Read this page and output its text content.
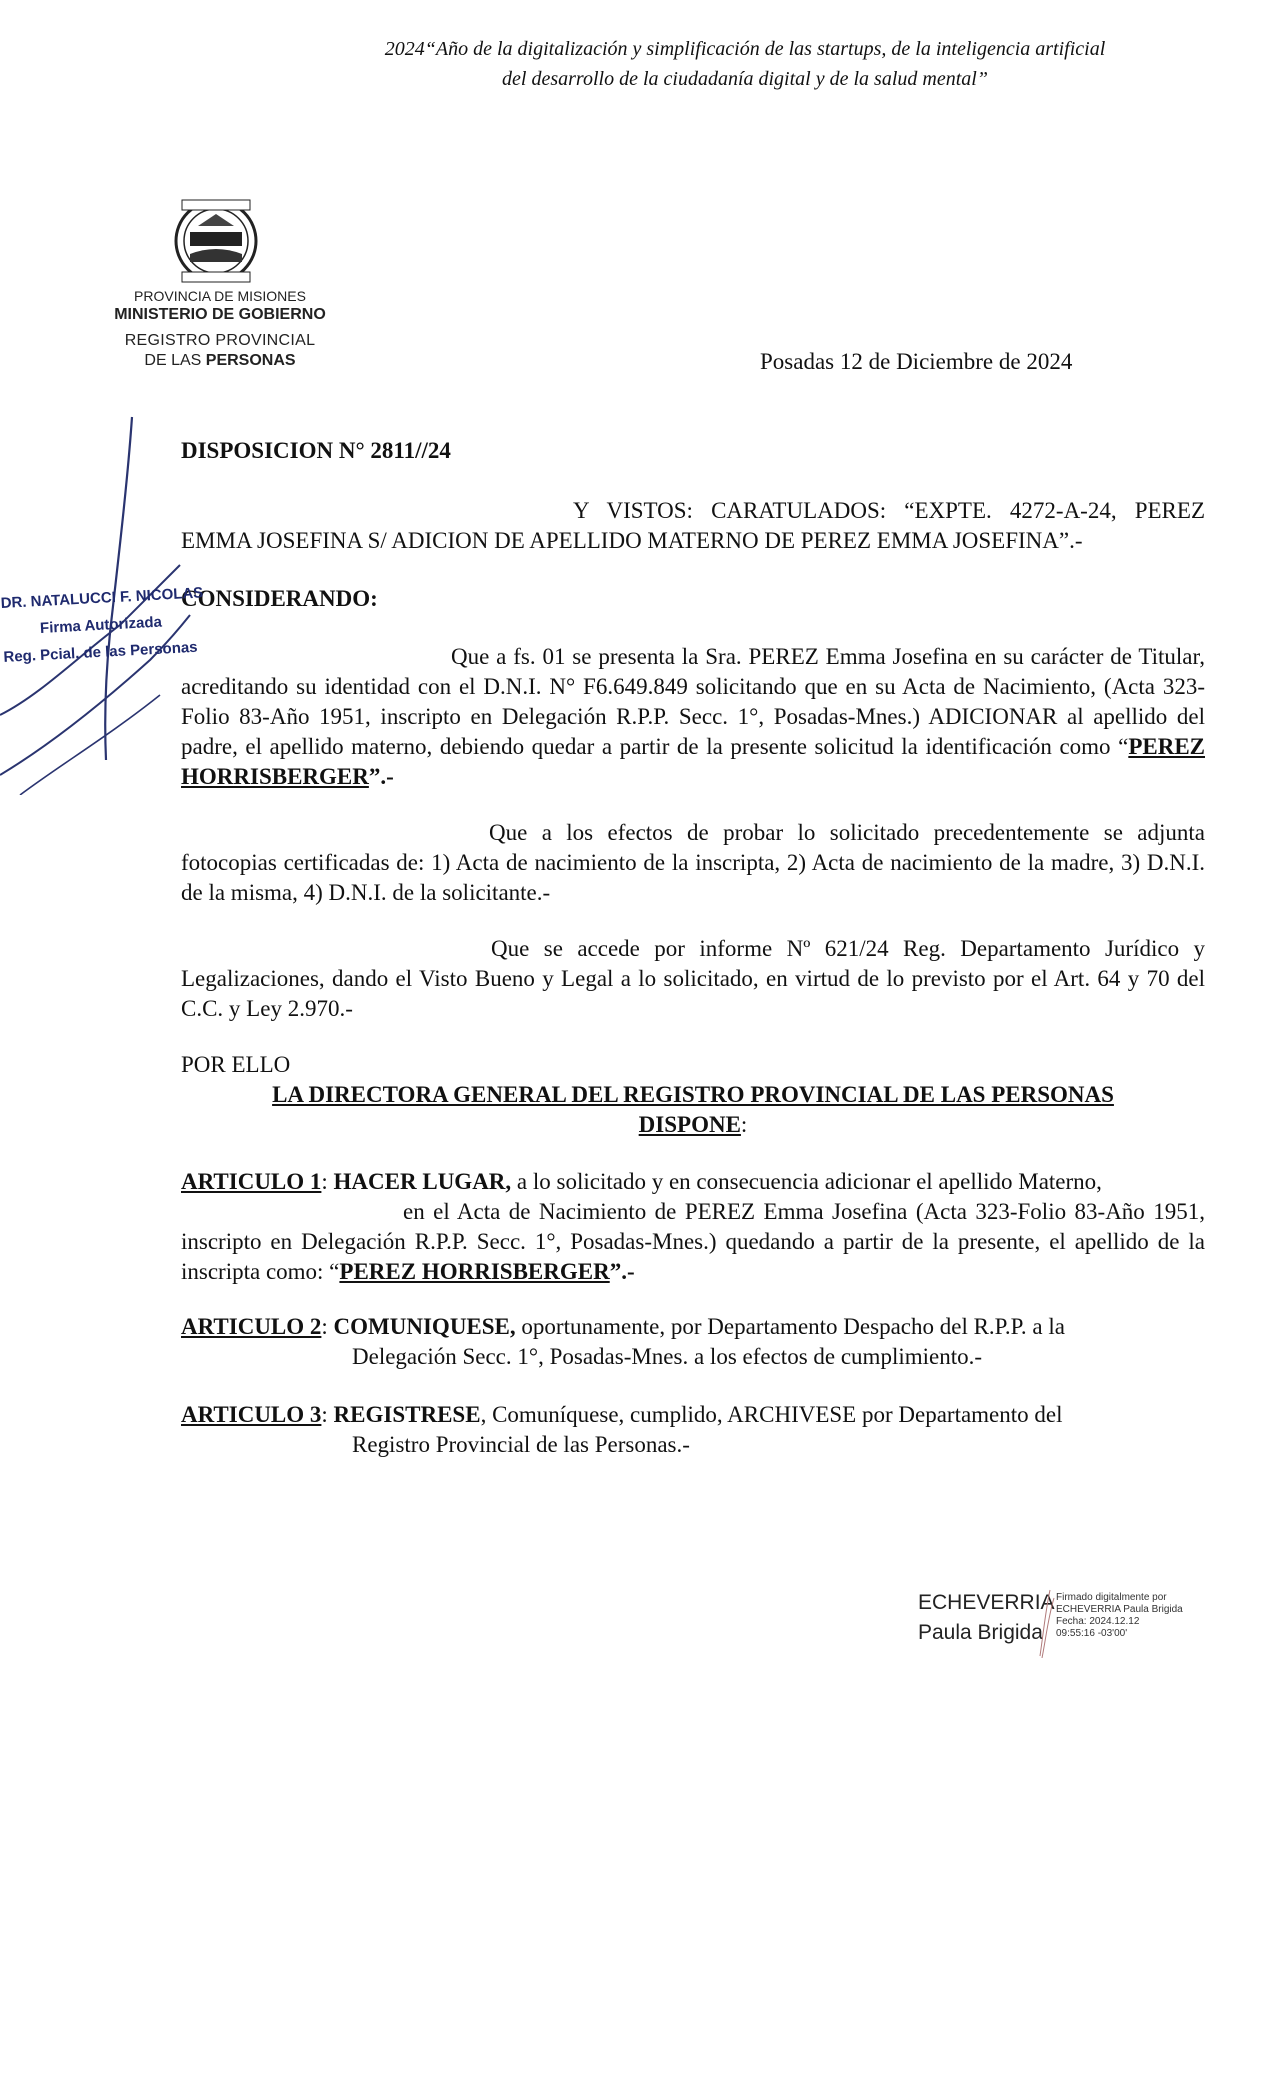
2024“Año de la digitalización y simplificación de las startups, de la inteligencia artificial
del desarrollo de la ciudadanía digital y de la salud mental”
PROVINCIA DE MISIONES
MINISTERIO DE GOBIERNO
REGISTRO PROVINCIAL
DE LAS PERSONAS	Posadas 12 de Diciembre de 2024
DISPOSICION N° 2811//24

Y VISTOS: CARATULADOS: “EXPTE. 4272-A-24, PEREZ EMMA JOSEFINA S/ ADICION DE APELLIDO MATERNO DE PEREZ EMMA JOSEFINA”.-

CONSIDERANDO:

Que a fs. 01 se presenta la Sra. PEREZ Emma Josefina en su carácter de Titular, acreditando su identidad con el D.N.I. N° F6.649.849 solicitando que en su Acta de Nacimiento, (Acta 323-Folio 83-Año 1951, inscripto en Delegación R.P.P. Secc. 1°, Posadas-Mnes.) ADICIONAR al apellido del padre, el apellido materno, debiendo quedar a partir de la presente solicitud la identificación como “PEREZ HORRISBERGER”.-

Que a los efectos de probar lo solicitado precedentemente se adjunta fotocopias certificadas de: 1) Acta de nacimiento de la inscripta, 2) Acta de nacimiento de la madre, 3) D.N.I. de la misma, 4) D.N.I. de la solicitante.-

Que se accede por informe Nº 621/24 Reg. Departamento Jurídico y Legalizaciones, dando el Visto Bueno y Legal a lo solicitado, en virtud de lo previsto por el Art. 64 y 70 del C.C. y Ley 2.970.-

POR ELLO
LA DIRECTORA GENERAL DEL REGISTRO PROVINCIAL DE LAS PERSONAS
DISPONE:
ARTICULO 1: HACER LUGAR, a lo solicitado y en consecuencia adicionar el apellido Materno,

en el Acta de Nacimiento de PEREZ Emma Josefina (Acta 323-Folio 83-Año 1951, inscripto en Delegación R.P.P. Secc. 1°, Posadas-Mnes.) quedando a partir de la presente, el apellido de la inscripta como: “PEREZ HORRISBERGER”.-

ARTICULO 2: COMUNIQUESE, oportunamente, por Departamento Despacho del R.P.P. a la
Delegación Secc. 1°, Posadas-Mnes. a los efectos de cumplimiento.-
ARTICULO 3: REGISTRESE, Comuníquese, cumplido, ARCHIVESE por Departamento del
Registro Provincial de las Personas.-
DR. NATALUCCI F. NICOLAS
Firma Autorizada
Reg. Pcial. de las Personas
ECHEVERRIA
Paula Brigida
Firmado digitalmente por
ECHEVERRIA Paula Brigida
Fecha: 2024.12.12
09:55:16 -03'00'
